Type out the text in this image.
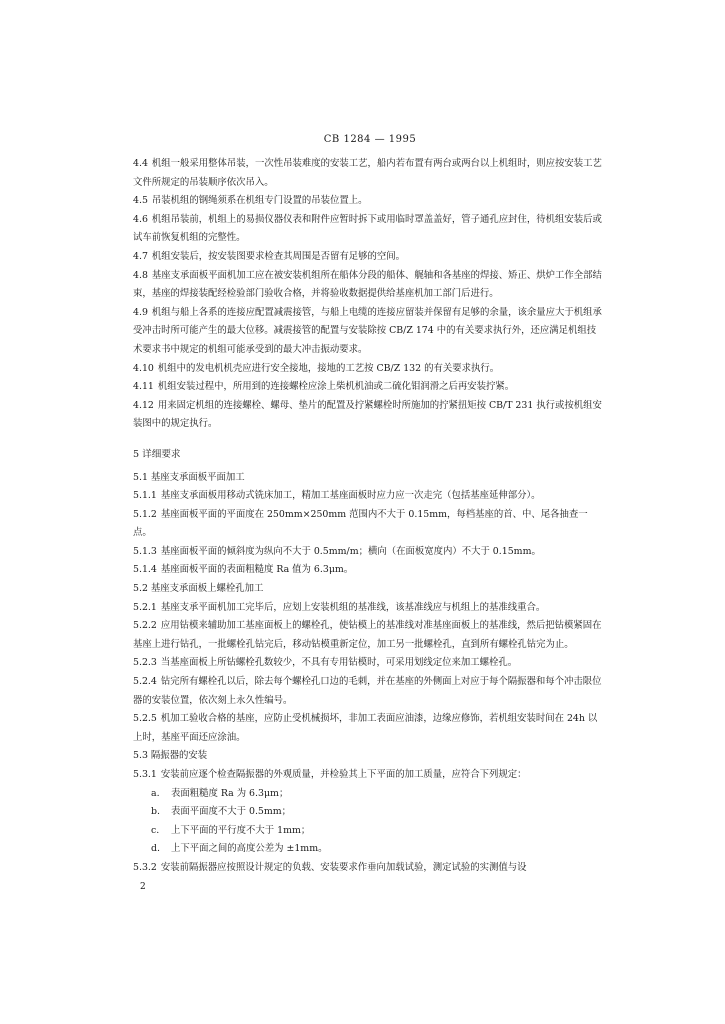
CB 1284 — 1995
4.4 机组一般采用整体吊装，一次性吊装难度的安装工艺，船内若布置有两台或两台以上机组时，则应按安装工艺文件所规定的吊装顺序依次吊入。
4.5 吊装机组的钢绳须系在机组专门设置的吊装位置上。
4.6 机组吊装前，机组上的易损仪器仪表和附件应暂时拆下或用临时罩盖盖好，管子通孔应封住，待机组安装后或试车前恢复机组的完整性。
4.7 机组安装后，按安装图要求检查其周围是否留有足够的空间。
4.8 基座支承面板平面机加工应在被安装机组所在船体分段的船体、艉轴和各基座的焊接、矫正、烘炉工作全部结束，基座的焊接装配经检验部门验收合格，并将验收数据提供给基座机加工部门后进行。
4.9 机组与船上各系的连接应配置减震接管，与船上电缆的连接应留装并保留有足够的余量，该余量应大于机组承受冲击时所可能产生的最大位移。减震接管的配置与安装除按 CB/Z 174 中的有关要求执行外，还应满足机组技术要求书中规定的机组可能承受到的最大冲击振动要求。
4.10 机组中的发电机机壳应进行安全接地，接地的工艺按 CB/Z 132 的有关要求执行。
4.11 机组安装过程中，所用到的连接螺栓应涂上柴机机油或二硫化钼润滑之后再安装拧紧。
4.12 用来固定机组的连接螺栓、螺母、垫片的配置及拧紧螺栓时所施加的拧紧扭矩按 CB/T 231 执行或按机组安装图中的规定执行。
5 详细要求
5.1 基座支承面板平面加工
5.1.1 基座支承面板用移动式铣床加工，精加工基座面板时应力应一次走完（包括基座延伸部分）。
5.1.2 基座面板平面的平面度在 250mm×250mm 范围内不大于 0.15mm，每档基座的首、中、尾各抽查一点。
5.1.3 基座面板平面的倾斜度为纵向不大于 0.5mm/m；横向（在面板宽度内）不大于 0.15mm。
5.1.4 基座面板平面的表面粗糙度 Ra 值为 6.3μm。
5.2 基座支承面板上螺栓孔加工
5.2.1 基座支承平面机加工完毕后，应划上安装机组的基准线，该基准线应与机组上的基准线重合。
5.2.2 应用钻模来辅助加工基座面板上的螺栓孔，使钻模上的基准线对准基座面板上的基准线，然后把钻模紧固在基座上进行钻孔，一批螺栓孔钻完后，移动钻模重新定位，加工另一批螺栓孔，直到所有螺栓孔钻完为止。
5.2.3 当基座面板上所钻螺栓孔数较少，不具有专用钻模时，可采用划线定位来加工螺栓孔。
5.2.4 钻完所有螺栓孔以后，除去每个螺栓孔口边的毛刺，并在基座的外侧面上对应于每个隔振器和每个冲击限位器的安装位置，依次刻上永久性编号。
5.2.5 机加工验收合格的基座，应防止受机械损坏，非加工表面应油漆，边缘应修饰，若机组安装时间在 24h 以上时，基座平面还应涂油。
5.3 隔振器的安装
5.3.1 安装前应逐个检查隔振器的外观质量，并检验其上下平面的加工质量，应符合下列规定：
a. 表面粗糙度 Ra 为 6.3μm；
b. 表面平面度不大于 0.5mm；
c. 上下平面的平行度不大于 1mm；
d. 上下平面之间的高度公差为 ±1mm。
5.3.2 安装前隔振器应按照设计规定的负载、安装要求作垂向加载试验，测定试验的实测值与设
2
